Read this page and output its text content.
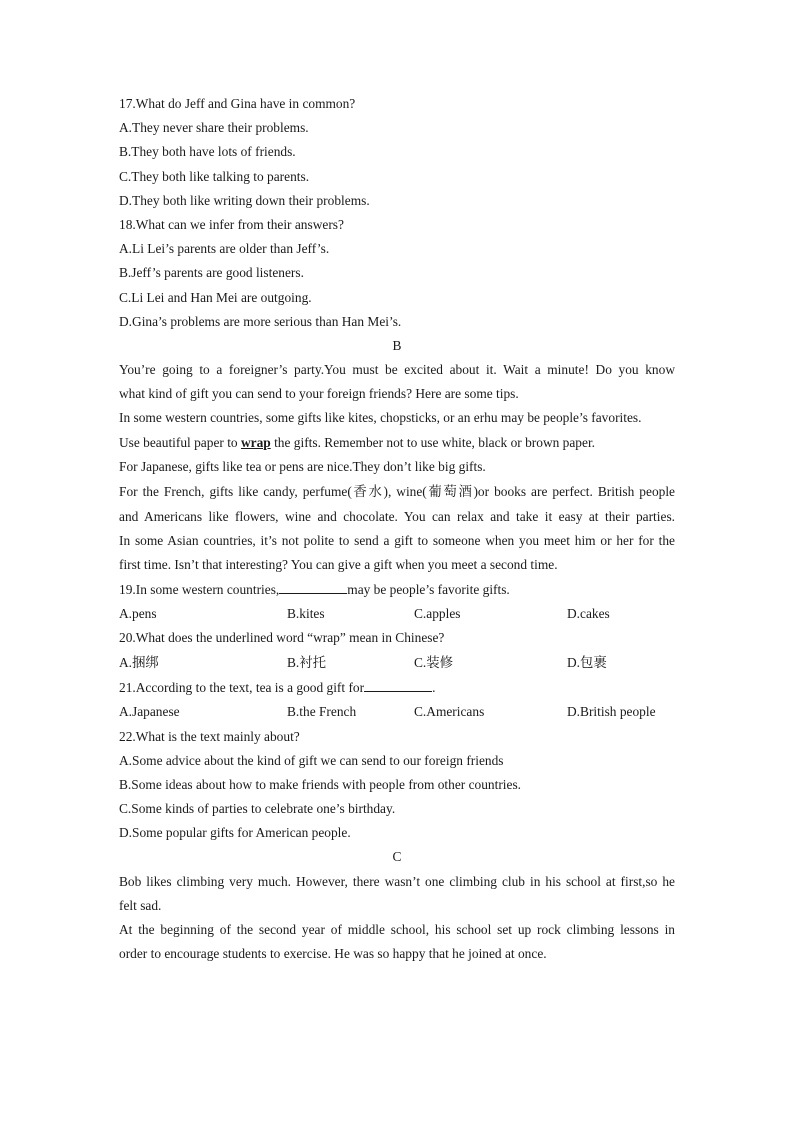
17.What do Jeff and Gina have in common?
A.They never share their problems.
B.They both have lots of friends.
C.They both like talking to parents.
D.They both like writing down their problems.
18.What can we infer from their answers?
A.Li Lei’s parents are older than Jeff’s.
B.Jeff’s parents are good listeners.
C.Li Lei and Han Mei are outgoing.
D.Gina’s problems are more serious than Han Mei’s.
B
You’re going to a foreigner’s party.You must be excited about it. Wait a minute! Do you know
what kind of gift you can send to your foreign friends? Here are some tips.
In some western countries, some gifts like kites, chopsticks, or an erhu may be people’s favorites.
Use beautiful paper to wrap the gifts. Remember not to use white, black or brown paper.
For Japanese, gifts like tea or pens are nice.They don’t like big gifts.
For the French, gifts like candy, perfume(香水), wine(葡萄酒)or books are perfect. British people
and Americans like flowers, wine and chocolate. You can relax and take it easy at their parties.
In some Asian countries, it’s not polite to send a gift to someone when you meet him or her for the
first time. Isn’t that interesting? You can give a gift when you meet a second time.
19.In some western countries,	may be people’s favorite gifts.
A.pens	B.kites	C.apples	D.cakes
20.What does the underlined word “wrap” mean in Chinese?
A.捆绑	B.衬托	C.装修	D.包裹
21.According to the text, tea is a good gift for	.
A.Japanese	B.the French	C.Americans	D.British people
22.What is the text mainly about?
A.Some advice about the kind of gift we can send to our foreign friends
B.Some ideas about how to make friends with people from other countries.
C.Some kinds of parties to celebrate one’s birthday.
D.Some popular gifts for American people.
C
Bob likes climbing very much. However, there wasn’t one climbing club in his school at first,so he
felt sad.
At the beginning of the second year of middle school, his school set up rock climbing lessons in
order to encourage students to exercise. He was so happy that he joined at once.
